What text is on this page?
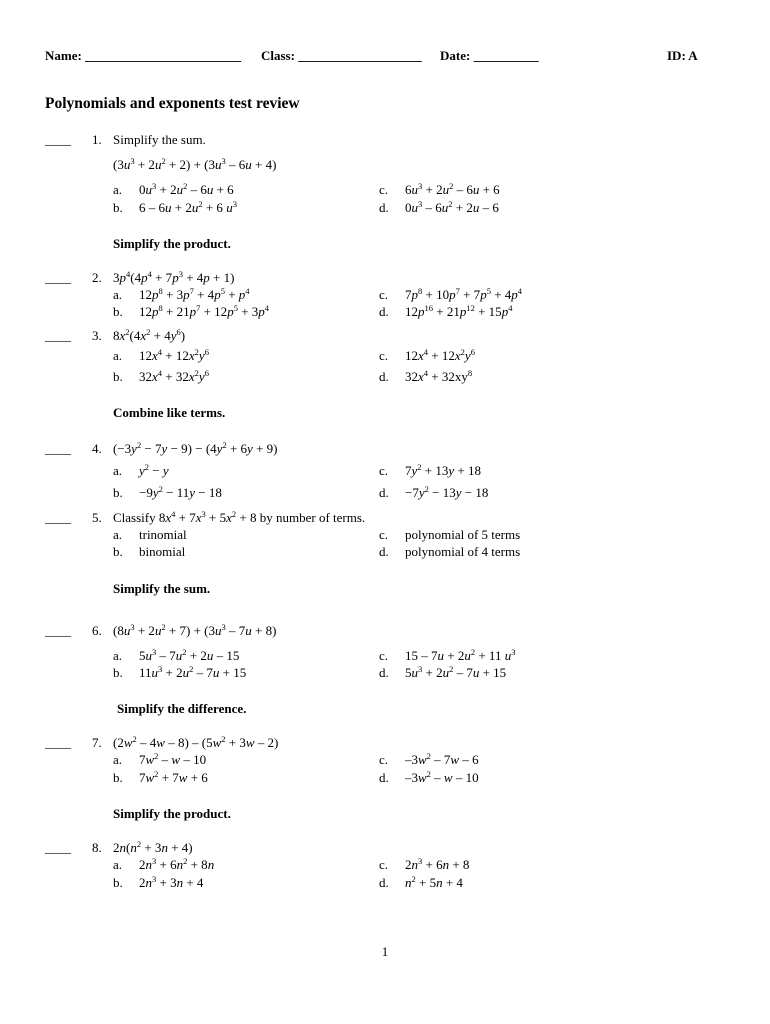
Name: ________________________ Class: ___________________ Date: __________	ID: A
Polynomials and exponents test review
____ 1. Simplify the sum.
$(3u^3 + 2u^2 + 2) + (3u^3 - 6u + 4)$
a. $0u^3 + 2u^2 - 6u + 6$	c. $6u^3 + 2u^2 - 6u + 6$
b. $6 - 6u + 2u^2 + 6$ $u^3$	d. $0u^3 - 6u^2 + 2u - 6$
Simplify the product.
____ 2. $3p^4(4p^4 + 7p^3 + 4p + 1)$
a. $12p^8 + 3p^7 + 4p^5 + p^4$	c. $7p^8 + 10p^7 + 7p^5 + 4p^4$
b. $12p^8 + 21p^7 + 12p^5 + 3p^4$	d. $12p^{16} + 21p^{12} + 15p^4$
____ 3. $8x^2(4x^2 + 4y^6)$
a. $12x^4 + 12x^2y^6$	c. $12x^4 + 12x^2y^6$
b. $32x^4 + 32x^2y^6$	d. $32x^4 + 32xy^8$
Combine like terms.
____ 4. $(-3y^2 - 7y - 9) - (4y^2 + 6y + 9)$
a. $y^2 - y$	c. $7y^2 + 13y + 18$
b. $-9y^2 - 11y - 18$	d. $-7y^2 - 13y - 18$
____ 5. Classify $8x^4 + 7x^3 + 5x^2 + 8$ by number of terms.
a. trinomial	c. polynomial of 5 terms
b. binomial	d. polynomial of 4 terms
Simplify the sum.
____ 6. $(8u^3 + 2u^2 + 7) + (3u^3 - 7u + 8)$
a. $5u^3 - 7u^2 + 2u - 15$	c. $15 - 7u + 2u^2 + 11$ $u^3$
b. $11u^3 + 2u^2 - 7u + 15$	d. $5u^3 + 2u^2 - 7u + 15$
Simplify the difference.
____ 7. $(2w^2 - 4w - 8) - (5w^2 + 3w - 2)$
a. $7w^2$ – w – 10	c. $-3w^2 - 7w - 6$
b. $7w^2 + 7w + 6$	d. $-3w^2$ – w – 10
Simplify the product.
____ 8. $2n(n^2 + 3n + 4)$
a. $2n^3 + 6n^2 + 8n$	c. $2n^3 + 6n + 8$
b. $2n^3 + 3n + 4$	d. $n^2 + 5n + 4$
1
